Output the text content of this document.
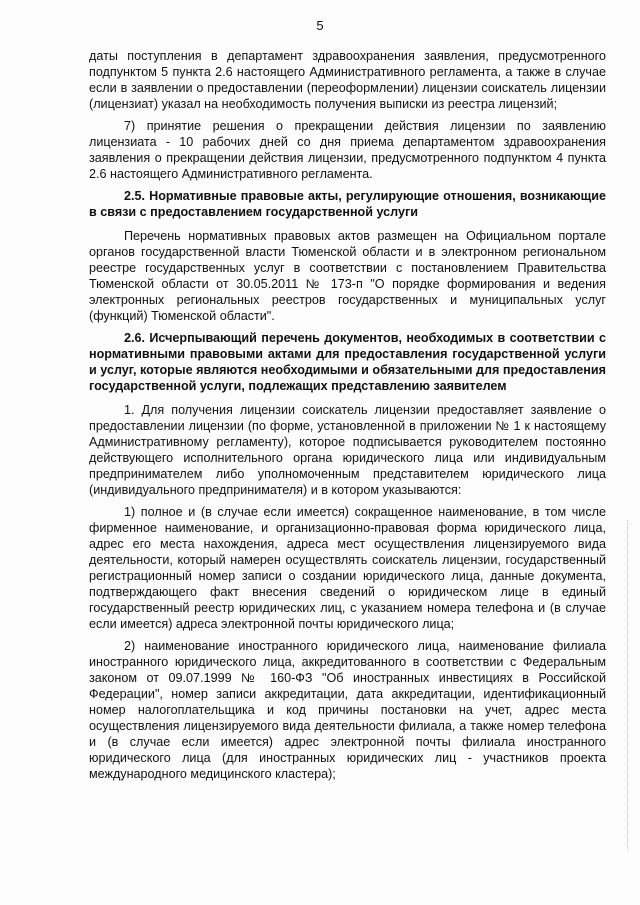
5

даты поступления в департамент здравоохранения заявления, предусмотренного подпунктом 5 пункта 2.6 настоящего Административного регламента, а также в случае если в заявлении о предоставлении (переоформлении) лицензии соискатель лицензии (лицензиат) указал на необходимость получения выписки из реестра лицензий;

7) принятие решения о прекращении действия лицензии по заявлению лицензиата - 10 рабочих дней со дня приема департаментом здравоохранения заявления о прекращении действия лицензии, предусмотренного подпунктом 4 пункта 2.6 настоящего Административного регламента.

2.5. Нормативные правовые акты, регулирующие отношения, возникающие в связи с предоставлением государственной услуги

Перечень нормативных правовых актов размещен на Официальном портале органов государственной власти Тюменской области и в электронном региональном реестре государственных услуг в соответствии с постановлением Правительства Тюменской области от 30.05.2011 № 173-п "О порядке формирования и ведения электронных региональных реестров государственных и муниципальных услуг (функций) Тюменской области".

2.6. Исчерпывающий перечень документов, необходимых в соответствии с нормативными правовыми актами для предоставления государственной услуги и услуг, которые являются необходимыми и обязательными для предоставления государственной услуги, подлежащих представлению заявителем

1. Для получения лицензии соискатель лицензии предоставляет заявление о предоставлении лицензии (по форме, установленной в приложении № 1 к настоящему Административному регламенту), которое подписывается руководителем постоянно действующего исполнительного органа юридического лица или индивидуальным предпринимателем либо уполномоченным представителем юридического лица (индивидуального предпринимателя) и в котором указываются:

1) полное и (в случае если имеется) сокращенное наименование, в том числе фирменное наименование, и организационно-правовая форма юридического лица, адрес его места нахождения, адреса мест осуществления лицензируемого вида деятельности, который намерен осуществлять соискатель лицензии, государственный регистрационный номер записи о создании юридического лица, данные документа, подтверждающего факт внесения сведений о юридическом лице в единый государственный реестр юридических лиц, с указанием номера телефона и (в случае если имеется) адреса электронной почты юридического лица;

2) наименование иностранного юридического лица, наименование филиала иностранного юридического лица, аккредитованного в соответствии с Федеральным законом от 09.07.1999 № 160-ФЗ "Об иностранных инвестициях в Российской Федерации", номер записи аккредитации, дата аккредитации, идентификационный номер налогоплательщика и код причины постановки на учет, адрес места осуществления лицензируемого вида деятельности филиала, а также номер телефона и (в случае если имеется) адрес электронной почты филиала иностранного юридического лица (для иностранных юридических лиц - участников проекта международного медицинского кластера);
